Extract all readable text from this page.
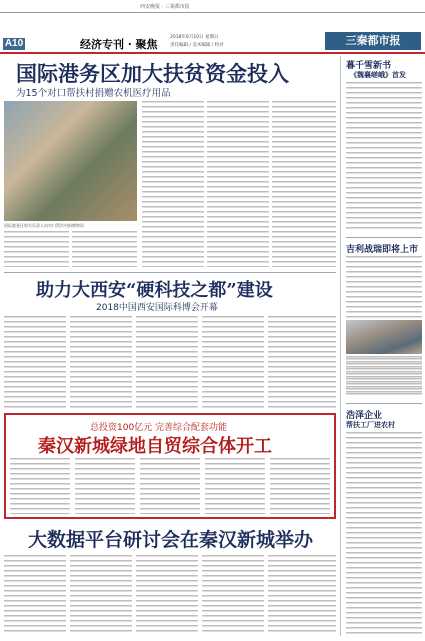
西安晚报 · 三秦都市报
A10	经济专刊 · 聚焦
2018年6月10日 星期日
责任编辑 / 美术编辑 / 校对	三秦都市报
国际港务区加大扶贫资金投入
为15个对口帮扶村捐赠农机医疗用品
国际港务区相关负责人向对口帮扶村捐赠物资
助力大西安“硬科技之都”建设
2018中国西安国际科博会开幕
总投资100亿元 完善综合配套功能
秦汉新城绿地自贸综合体开工
大数据平台研讨会在秦汉新城举办
暮千雪新书
《魏襄嵯峨》首发
吉利战瑞即将上市
浩泽企业
帮扶工厂进农村
